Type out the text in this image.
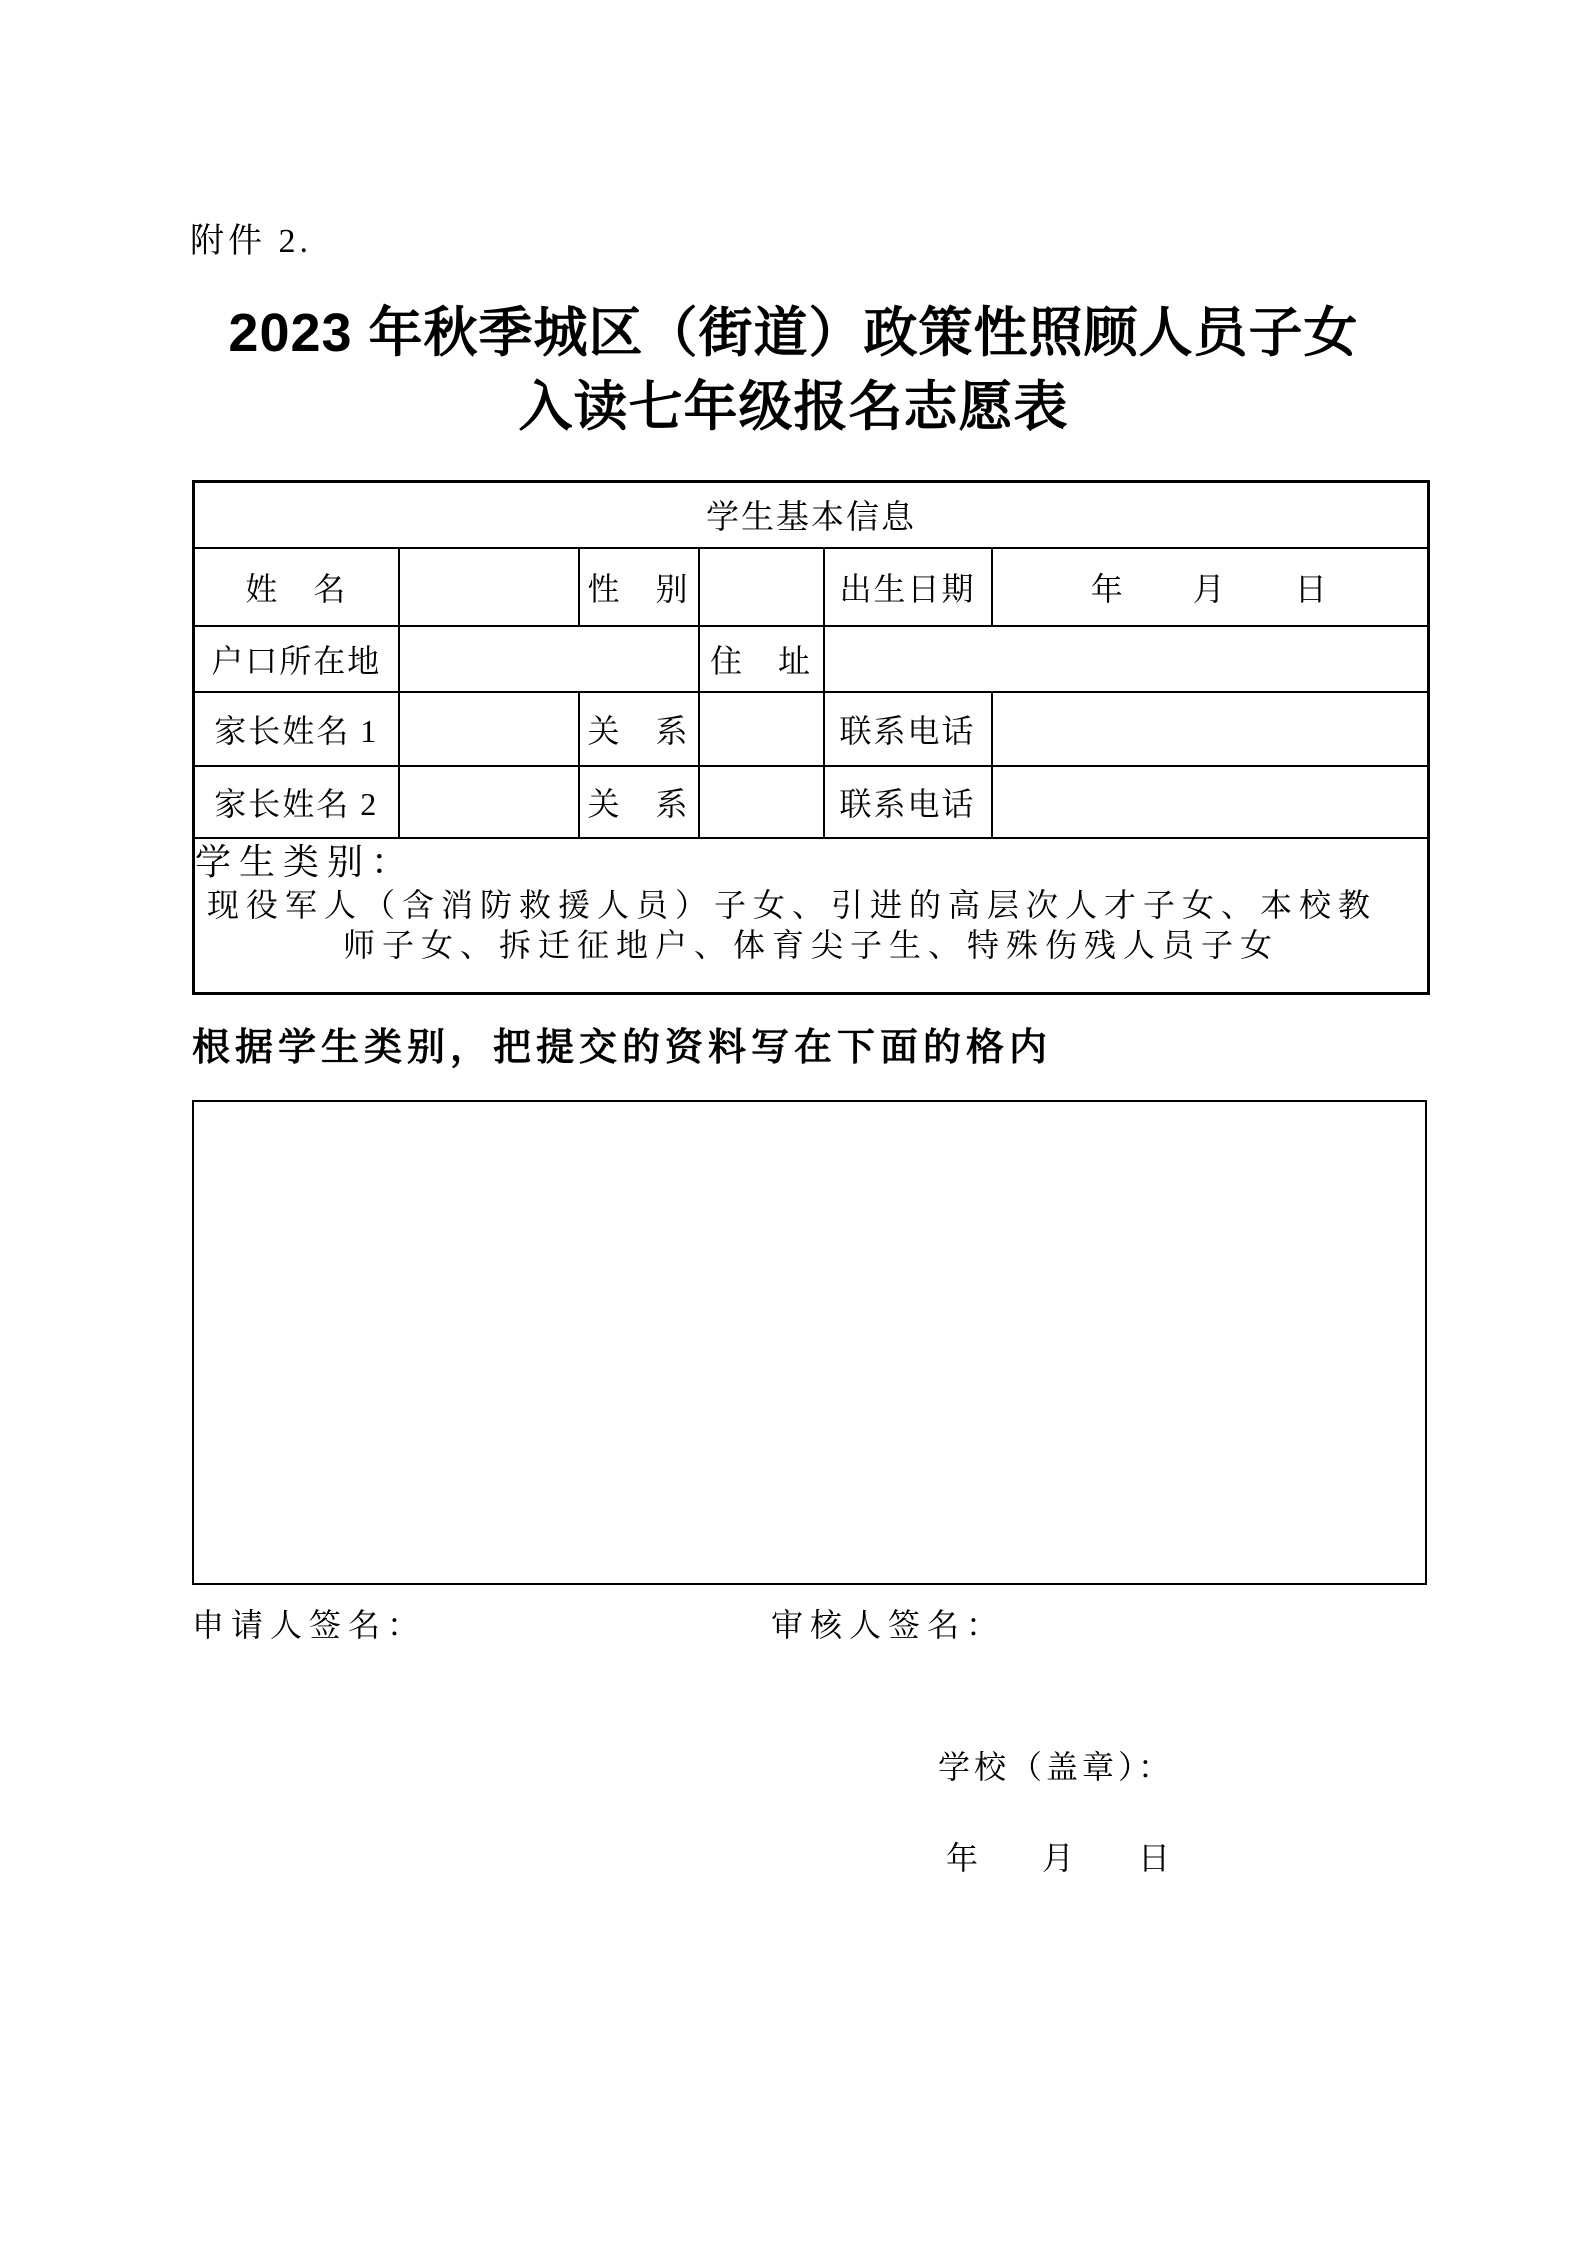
附件 2.
2023 年秋季城区（街道）政策性照顾人员子女
入读七年级报名志愿表
学生基本信息					
姓　名		性　别		出生日期	年　　月　　日
户口所在地			住　址		
家长姓名 1		关　系		联系电话	
家长姓名 2		关　系		联系电话	

学生类别：
现役军人（含消防救援人员）子女、引进的高层次人才子女、本校教
师子女、拆迁征地户、体育尖子生、特殊伤残人员子女					
根据学生类别，把提交的资料写在下面的格内
申请人签名：	审核人签名：
学校（盖章）：
年　　月　　日
